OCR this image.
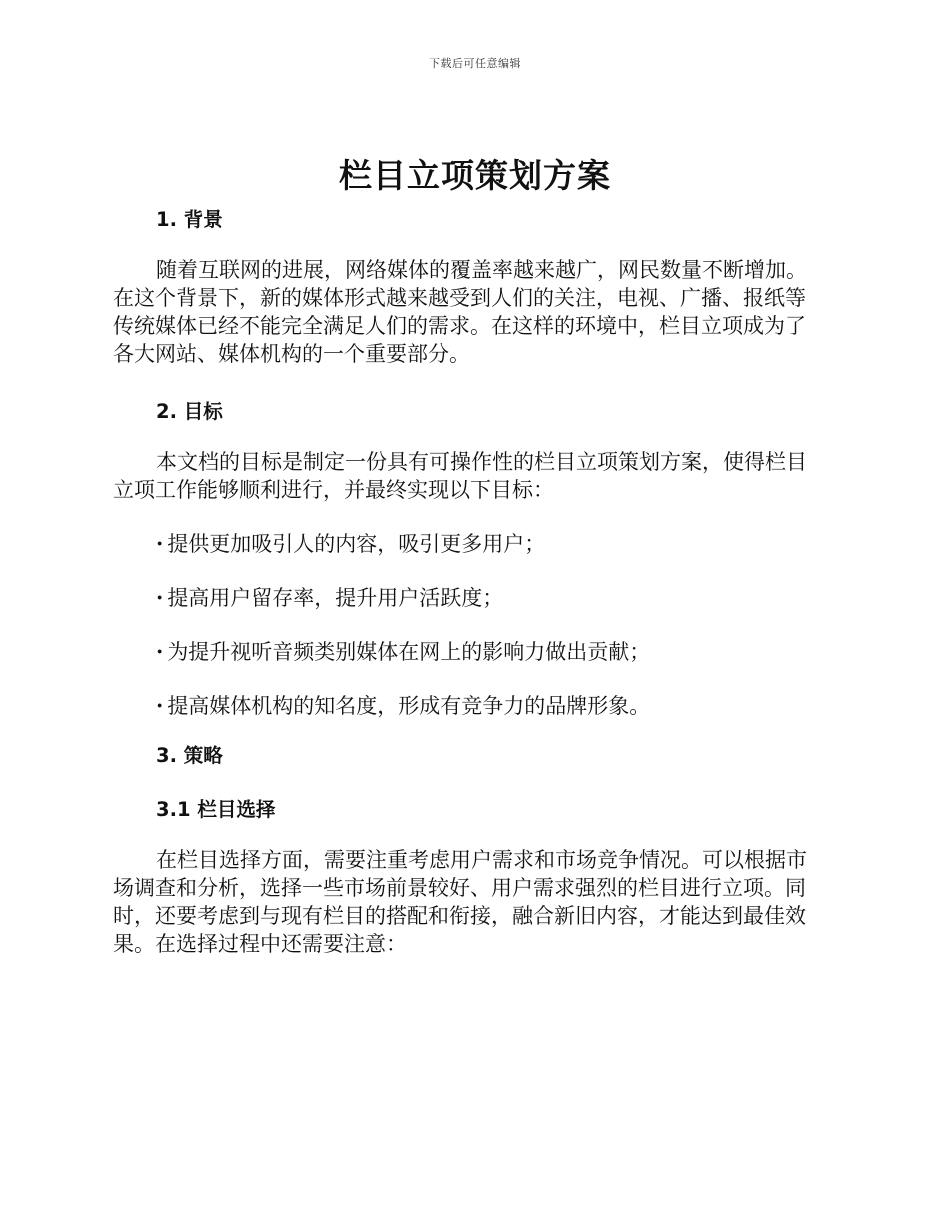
下载后可任意编辑
栏目立项策划方案
1. 背景
随着互联网的进展，网络媒体的覆盖率越来越广，网民数量不断增加。
在这个背景下，新的媒体形式越来越受到人们的关注，电视、广播、报纸等
传统媒体已经不能完全满足人们的需求。在这样的环境中，栏目立项成为了
各大网站、媒体机构的一个重要部分。
2. 目标
本文档的目标是制定一份具有可操作性的栏目立项策划方案，使得栏目
立项工作能够顺利进行，并最终实现以下目标：
· 提供更加吸引人的内容，吸引更多用户；
· 提高用户留存率，提升用户活跃度；
· 为提升视听音频类别媒体在网上的影响力做出贡献；
· 提高媒体机构的知名度，形成有竞争力的品牌形象。
3. 策略
3.1 栏目选择
在栏目选择方面，需要注重考虑用户需求和市场竞争情况。可以根据市
场调查和分析，选择一些市场前景较好、用户需求强烈的栏目进行立项。同
时，还要考虑到与现有栏目的搭配和衔接，融合新旧内容，才能达到最佳效
果。在选择过程中还需要注意：
